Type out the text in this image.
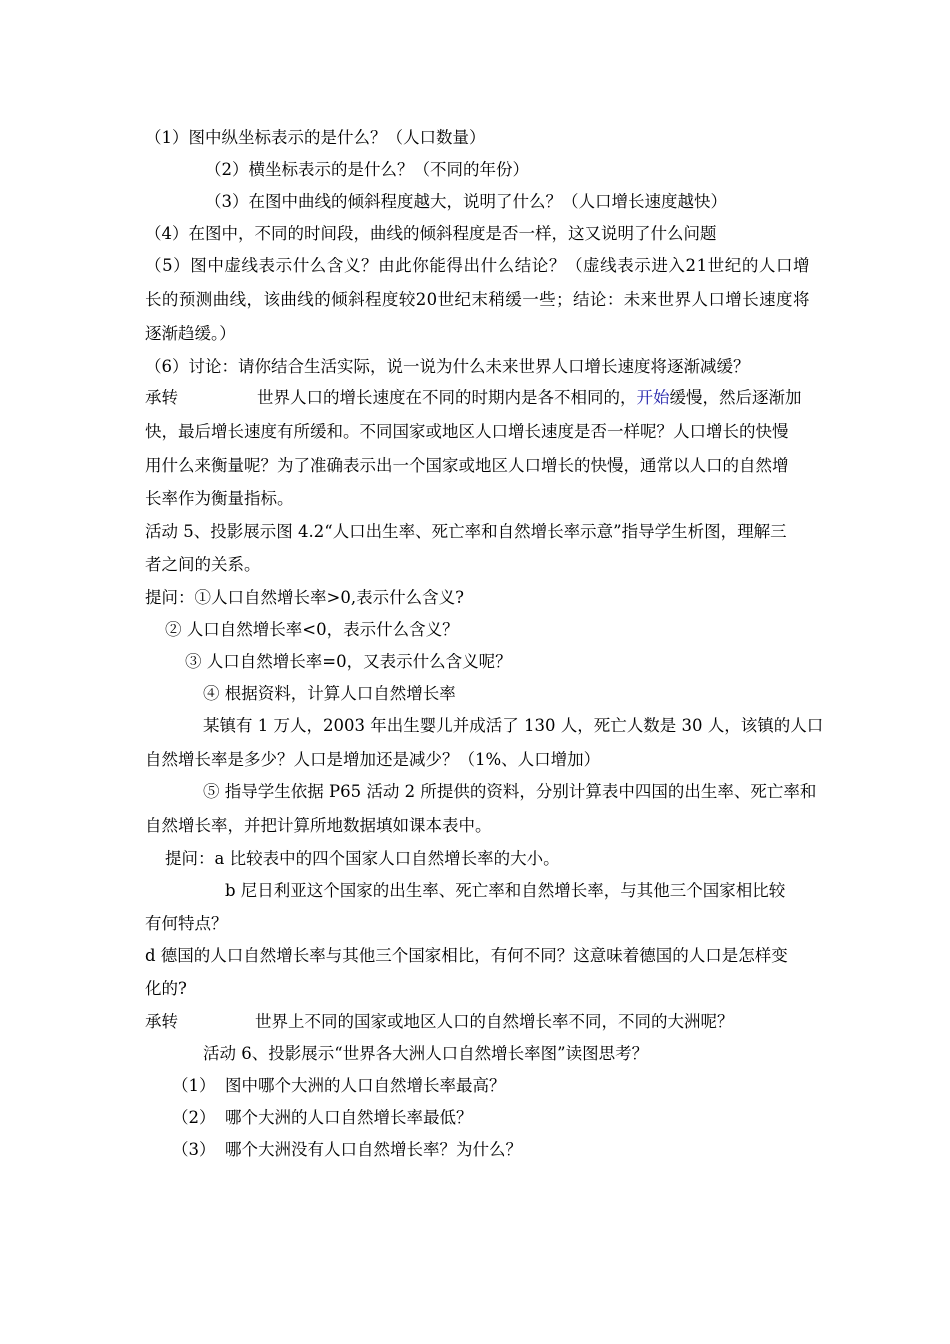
（1）图中纵坐标表示的是什么？（人口数量）
（2）横坐标表示的是什么？（不同的年份）
（3）在图中曲线的倾斜程度越大，说明了什么？（人口增长速度越快）
（4）在图中，不同的时间段，曲线的倾斜程度是否一样，这又说明了什么问题
（ 5 ） 图 中 虚 线 表 示 什 么 含 义 ？ 由 此 你 能 得 出 什 么 结 论 ？ （ 虚 线 表 示 进 入 2 1 世 纪 的 人 口 增
长 的 预 测 曲 线 ， 该 曲 线 的 倾 斜 程 度 较 2 0 世 纪 末 稍 缓 一 些 ； 结 论 ： 未 来 世 界 人 口 增 长 速 度 将
逐渐趋缓。）
（6）讨论：请你结合生活实际，说一说为什么未来世界人口增长速度将逐渐减缓？
承转	世界人口的增长速度在不同的时期内是各不相同的，开始缓慢，然后逐渐加
快，最后增长速度有所缓和。不同国家或地区人口增长速度是否一样呢？人口增长的快慢
用什么来衡量呢？为了准确表示出一个国家或地区人口增长的快慢，通常以人口的自然增
长率作为衡量指标。
活动 5、投影展示图 4.2“人口出生率、死亡率和自然增长率示意”指导学生析图，理解三
者之间的关系。
提问：①人口自然增长率>0,表示什么含义?
② 人口自然增长率<0，表示什么含义？
③ 人口自然增长率=0，又表示什么含义呢？
④ 根据资料，计算人口自然增长率
某镇有 1 万人，2003 年出生婴儿并成活了 130 人，死亡人数是 30 人，该镇的人口
自然增长率是多少？人口是增加还是减少？（1%、人口增加）
⑤ 指导学生依据 P65 活动 2 所提供的资料，分别计算表中四国的出生率、死亡率和
自然增长率，并把计算所地数据填如课本表中。
提问：a 比较表中的四个国家人口自然增长率的大小。
b 尼日利亚这个国家的出生率、死亡率和自然增长率，与其他三个国家相比较
有何特点？
d 德国的人口自然增长率与其他三个国家相比，有何不同？这意味着德国的人口是怎样变
化的?
承转	世界上不同的国家或地区人口的自然增长率不同，不同的大洲呢？
活动 6、投影展示“世界各大洲人口自然增长率图”读图思考？
（1） 图中哪个大洲的人口自然增长率最高？
（2） 哪个大洲的人口自然增长率最低？
（3） 哪个大洲没有人口自然增长率？为什么？
